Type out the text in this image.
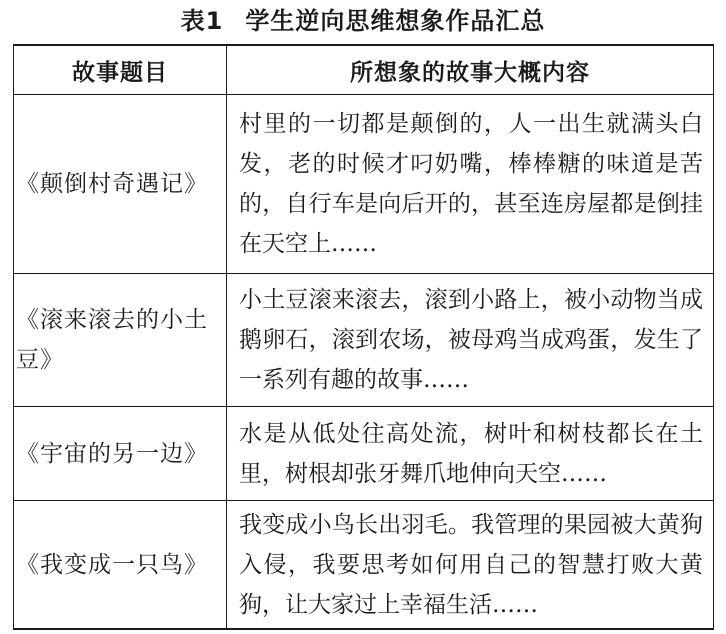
表1 学生逆向思维想象作品汇总
故事题目	所想象的故事大概内容
《颠倒村奇遇记》	村里的一切都是颠倒的，人一出生就满头白发，老的时候才叼奶嘴，棒棒糖的味道是苦的，自行车是向后开的，甚至连房屋都是倒挂在天空上……
《滚来滚去的小土豆》	小土豆滚来滚去，滚到小路上，被小动物当成鹅卵石，滚到农场，被母鸡当成鸡蛋，发生了一系列有趣的故事……
《宇宙的另一边》	水是从低处往高处流，树叶和树枝都长在土里，树根却张牙舞爪地伸向天空……
《我变成一只鸟》	我变成小鸟长出羽毛。我管理的果园被大黄狗入侵，我要思考如何用自己的智慧打败大黄狗，让大家过上幸福生活……
